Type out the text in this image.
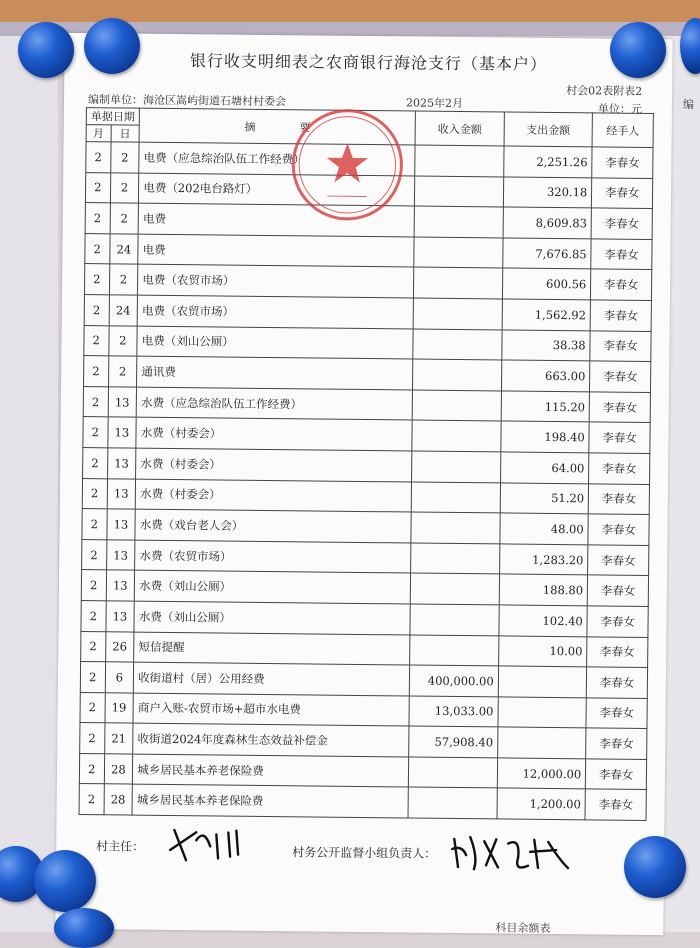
银行收支明细表之农商银行海沧支行（基本户）
村会02表附表2
编制单位：海沧区嵩屿街道石塘村村委会	2025年2月	单位：元
单据日期		摘　　　　要	收入金额	支出金额	经手人
月	日				
2	2	电费（应急综治队伍工作经费）		2,251.26	李春女
2	2	电费（202电台路灯）		320.18	李春女
2	2	电费		8,609.83	李春女
2	24	电费		7,676.85	李春女
2	2	电费（农贸市场）		600.56	李春女
2	24	电费（农贸市场）		1,562.92	李春女
2	2	电费（刘山公厕）		38.38	李春女
2	2	通讯费		663.00	李春女
2	13	水费（应急综治队伍工作经费）		115.20	李春女
2	13	水费（村委会）		198.40	李春女
2	13	水费（村委会）		64.00	李春女
2	13	水费（村委会）		51.20	李春女
2	13	水费（戏台老人会）		48.00	李春女
2	13	水费（农贸市场）		1,283.20	李春女
2	13	水费（刘山公厕）		188.80	李春女
2	13	水费（刘山公厕）		102.40	李春女
2	26	短信提醒		10.00	李春女
2	6	收街道村（居）公用经费	400,000.00		李春女
2	19	商户入账-农贸市场+超市水电费	13,033.00		李春女
2	21	收街道2024年度森林生态效益补偿金	57,908.40		李春女
2	28	城乡居民基本养老保险费		12,000.00	李春女
2	28	城乡居民基本养老保险费		1,200.00	李春女
村主任：	村务公开监督小组负责人：
科目余额表
编
